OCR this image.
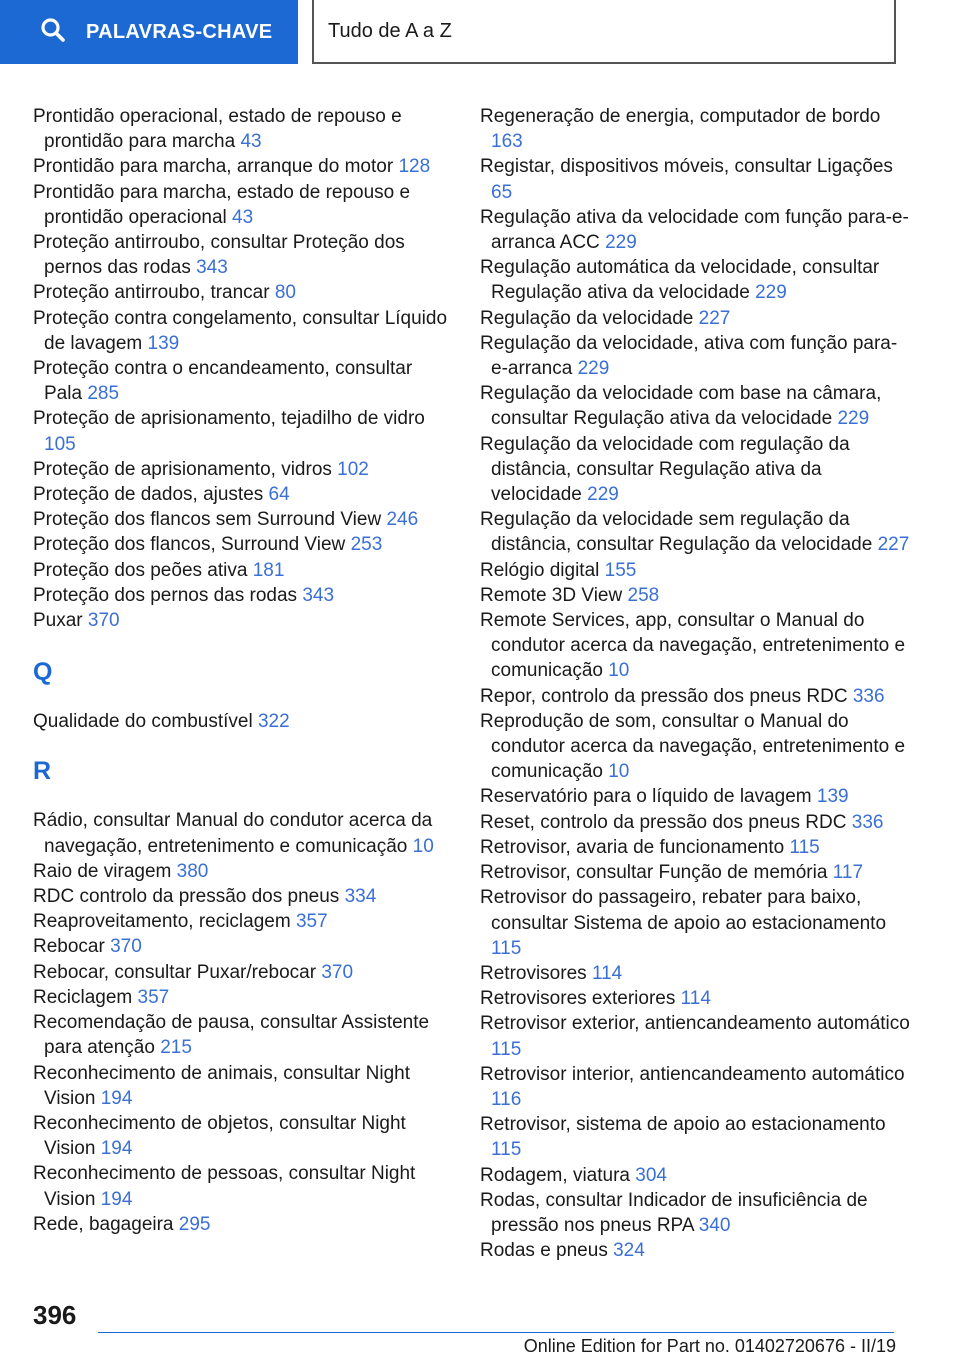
PALAVRAS-CHAVE	Tudo de A a Z
Prontidão operacional, estado de repouso e prontidão para marcha 43
Prontidão para marcha, arranque do motor 128
Prontidão para marcha, estado de repouso e prontidão operacional 43
Proteção antirroubo, consultar Proteção dos pernos das rodas 343
Proteção antirroubo, trancar 80
Proteção contra congelamento, consultar Líquido de lavagem 139
Proteção contra o encandeamento, consultar Pala 285
Proteção de aprisionamento, tejadilho de vidro 105
Proteção de aprisionamento, vidros 102
Proteção de dados, ajustes 64
Proteção dos flancos sem Surround View 246
Proteção dos flancos, Surround View 253
Proteção dos peões ativa 181
Proteção dos pernos das rodas 343
Puxar 370
Q
Qualidade do combustível 322
R
Rádio, consultar Manual do condutor acerca da navegação, entretenimento e comunicação 10
Raio de viragem 380
RDC controlo da pressão dos pneus 334
Reaproveitamento, reciclagem 357
Rebocar 370
Rebocar, consultar Puxar/rebocar 370
Reciclagem 357
Recomendação de pausa, consultar Assistente para atenção 215
Reconhecimento de animais, consultar Night Vision 194
Reconhecimento de objetos, consultar Night Vision 194
Reconhecimento de pessoas, consultar Night Vision 194
Rede, bagageira 295
Regeneração de energia, computador de bordo 163
Registar, dispositivos móveis, consultar Ligações 65
Regulação ativa da velocidade com função para-e-arranca ACC 229
Regulação automática da velocidade, consultar Regulação ativa da velocidade 229
Regulação da velocidade 227
Regulação da velocidade, ativa com função para-e-arranca 229
Regulação da velocidade com base na câmara, consultar Regulação ativa da velocidade 229
Regulação da velocidade com regulação da distância, consultar Regulação ativa da velocidade 229
Regulação da velocidade sem regulação da distância, consultar Regulação da velocidade 227
Relógio digital 155
Remote 3D View 258
Remote Services, app, consultar o Manual do condutor acerca da navegação, entretenimento e comunicação 10
Repor, controlo da pressão dos pneus RDC 336
Reprodução de som, consultar o Manual do condutor acerca da navegação, entretenimento e comunicação 10
Reservatório para o líquido de lavagem 139
Reset, controlo da pressão dos pneus RDC 336
Retrovisor, avaria de funcionamento 115
Retrovisor, consultar Função de memória 117
Retrovisor do passageiro, rebater para baixo, consultar Sistema de apoio ao estacionamento 115
Retrovisores 114
Retrovisores exteriores 114
Retrovisor exterior, antiencandeamento automático 115
Retrovisor interior, antiencandeamento automático 116
Retrovisor, sistema de apoio ao estacionamento 115
Rodagem, viatura 304
Rodas, consultar Indicador de insuficiência de pressão nos pneus RPA 340
Rodas e pneus 324
396
Online Edition for Part no. 01402720676 - II/19
